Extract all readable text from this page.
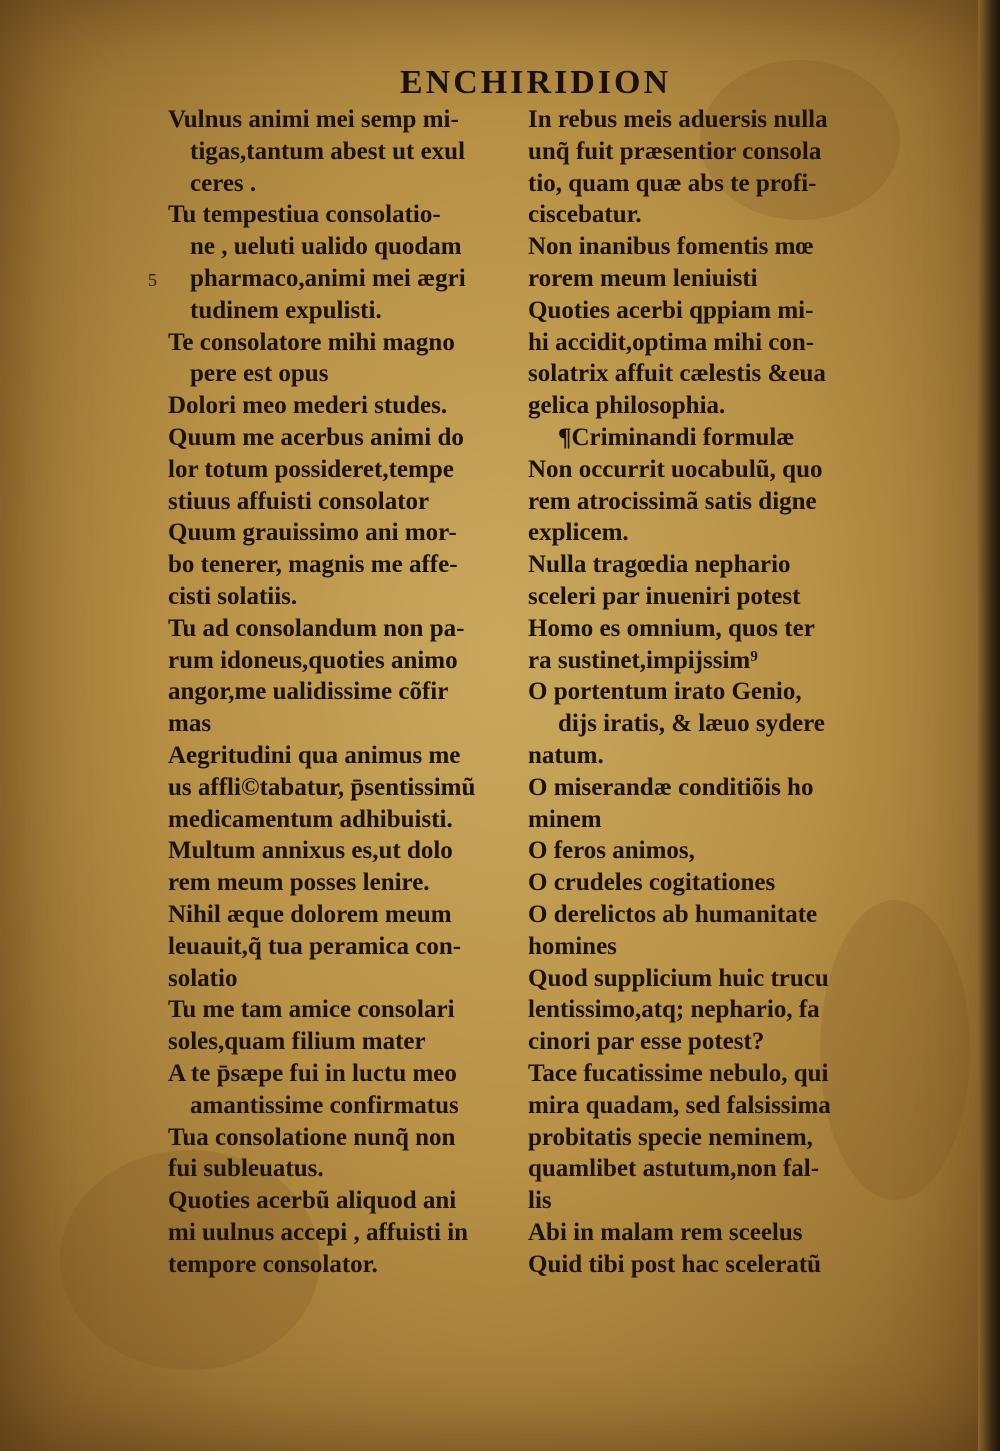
ENCHIRIDION
5
Vulnus animi mei semp mi-
tigas,tantum abest ut exul
ceres .
Tu tempestiua consolatio-
ne , ueluti ualido quodam
pharmaco,animi mei ægri
tudinem expulisti.
Te consolatore mihi magno
pere est opus
Dolori meo mederi studes.
Quum me acerbus animi do
lor totum possideret,tempe
stiuus affuisti consolator
Quum grauissimo ani mor-
bo tenerer, magnis me affe-
cisti solatiis.
Tu ad consolandum non pa-
rum idoneus,quoties animo
angor,me ualidissime cõfir
mas
Aegritudini qua animus me
us affli©tabatur, p̄sentissimũ
medicamentum adhibuisti.
Multum annixus es,ut dolo
rem meum posses lenire.
Nihil æque dolorem meum
leuauit,q̃ tua peramica con-
solatio
Tu me tam amice consolari
soles,quam filium mater
A te p̄sæpe fui in luctu meo
amantissime confirmatus
Tua consolatione nunq̃ non
fui subleuatus.
Quoties acerbũ aliquod ani
mi uulnus accepi , affuisti in
tempore consolator.
In rebus meis aduersis nulla
unq̃ fuit præsentior consola
tio, quam quæ abs te profi-
ciscebatur.
Non inanibus fomentis mœ
rorem meum leniuisti
Quoties acerbi qppiam mi-
hi accidit,optima mihi con-
solatrix affuit cælestis &eua
gelica philosophia.
¶Criminandi formulæ
Non occurrit uocabulũ, quo
rem atrocissimã satis digne
explicem.
Nulla tragœdia nephario
sceleri par inueniri potest
Homo es omnium, quos ter
ra sustinet,impijssim⁹
O portentum irato Genio,
dijs iratis, & læuo sydere
natum.
O miserandæ conditiõis ho
minem
O feros animos,
O crudeles cogitationes
O derelictos ab humanitate
homines
Quod supplicium huic trucu
lentissimo,atq; nephario, fa
cinori par esse potest?
Tace fucatissime nebulo, qui
mira quadam, sed falsissima
probitatis specie neminem,
quamlibet astutum,non fal-
lis
Abi in malam rem sceelus
Quid tibi post hac sceleratũ
